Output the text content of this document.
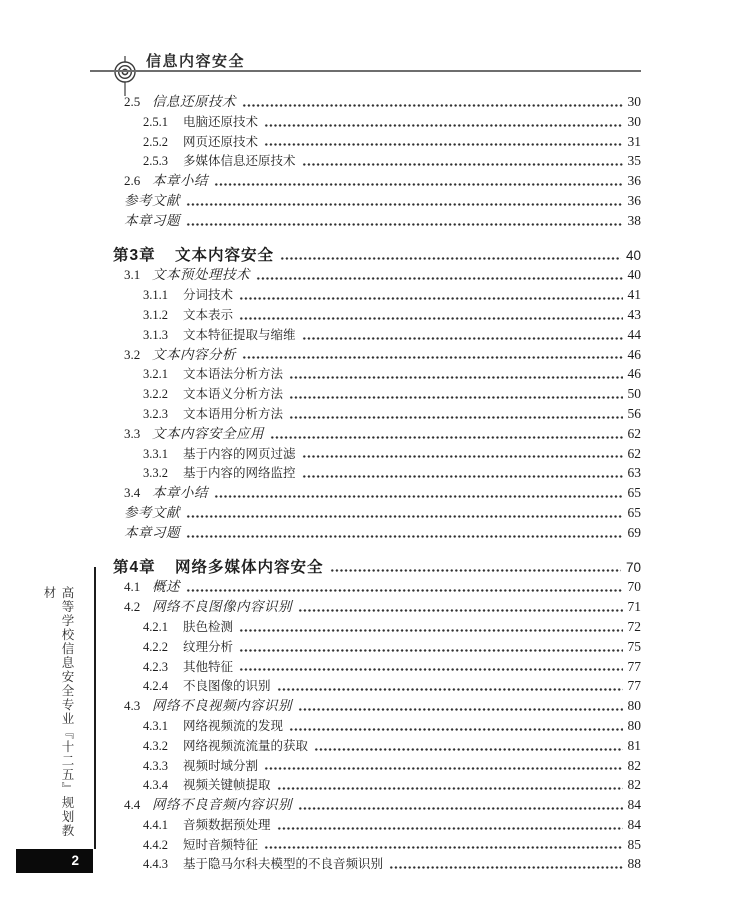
信息内容安全
2.5 信息还原技术	30
2.5.1	电脑还原技术	30
2.5.2	网页还原技术	31
2.5.3	多媒体信息还原技术	35
2.6 本章小结	36
参考文献	36
本章习题	38
第3章	文本内容安全	40
3.1 文本预处理技术	40
3.1.1	分词技术	41
3.1.2	文本表示	43
3.1.3	文本特征提取与缩维	44
3.2 文本内容分析	46
3.2.1	文本语法分析方法	46
3.2.2	文本语义分析方法	50
3.2.3	文本语用分析方法	56
3.3 文本内容安全应用	62
3.3.1	基于内容的网页过滤	62
3.3.2	基于内容的网络监控	63
3.4 本章小结	65
参考文献	65
本章习题	69
第4章	网络多媒体内容安全	70
4.1 概述	70
4.2 网络不良图像内容识别	71
4.2.1	肤色检测	72
4.2.2	纹理分析	75
4.2.3	其他特征	77
4.2.4	不良图像的识别	77
4.3 网络不良视频内容识别	80
4.3.1	网络视频流的发现	80
4.3.2	网络视频流流量的获取	81
4.3.3	视频时域分割	82
4.3.4	视频关键帧提取	82
4.4 网络不良音频内容识别	84
4.4.1	音频数据预处理	84
4.4.2	短时音频特征	85
4.4.3	基于隐马尔科夫模型的不良音频识别	88
高等学校信息安全专业『十二五』规划教材
2
